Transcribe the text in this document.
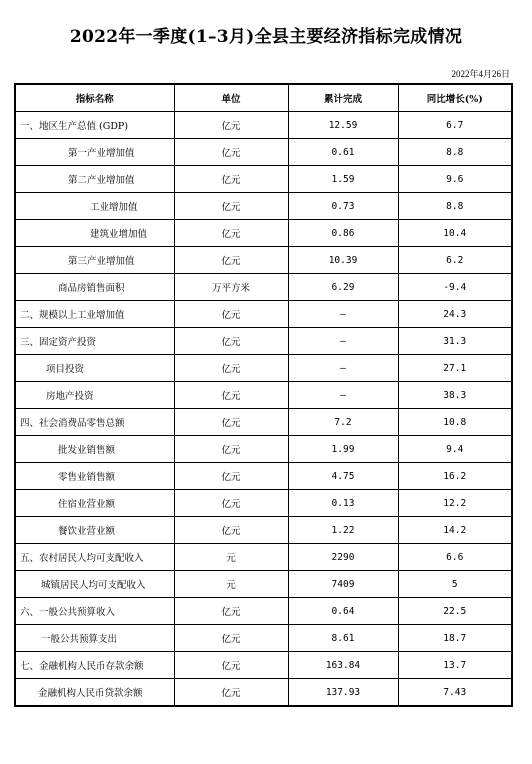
2022年一季度(1–3月)全县主要经济指标完成情况
2022年4月26日
指标名称	单位	累计完成	同比增长(%)
一、地区生产总值 (GDP)	亿元	12.59	6.7
第一产业增加值	亿元	0.61	8.8
第二产业增加值	亿元	1.59	9.6
工业增加值	亿元	0.73	8.8
建筑业增加值	亿元	0.86	10.4
第三产业增加值	亿元	10.39	6.2
商品房销售面积	万平方米	6.29	-9.4
二、规模以上工业增加值	亿元	—	24.3
三、固定资产投资	亿元	—	31.3
项目投资	亿元	—	27.1
房地产投资	亿元	—	38.3
四、社会消费品零售总额	亿元	7.2	10.8
批发业销售额	亿元	1.99	9.4
零售业销售额	亿元	4.75	16.2
住宿业营业额	亿元	0.13	12.2
餐饮业营业额	亿元	1.22	14.2
五、农村居民人均可支配收入	元	2290	6.6
城镇居民人均可支配收入	元	7409	5
六、一般公共预算收入	亿元	0.64	22.5
一般公共预算支出	亿元	8.61	18.7
七、金融机构人民币存款余额	亿元	163.84	13.7
金融机构人民币贷款余额	亿元	137.93	7.43
